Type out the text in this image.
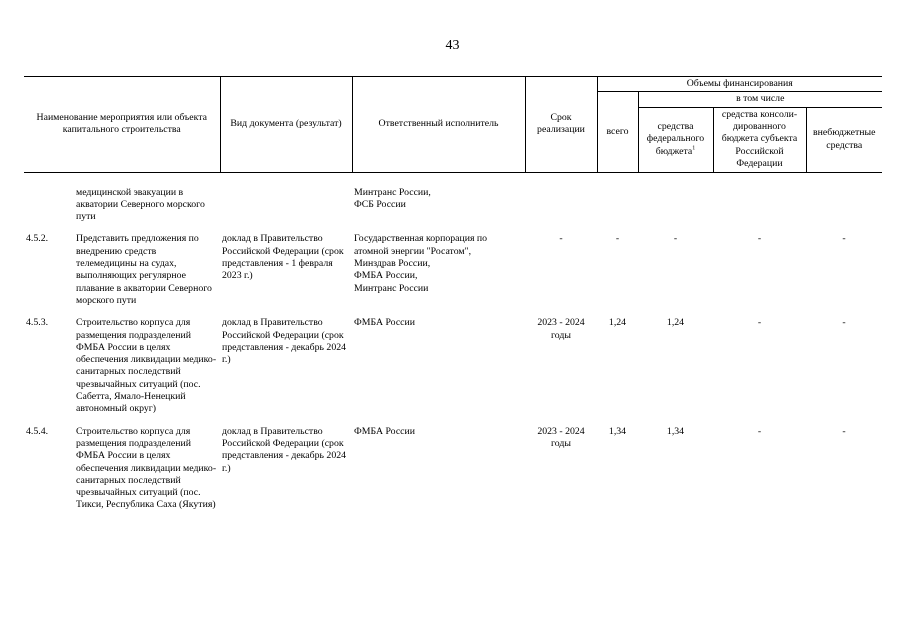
43
Наименование мероприятия или объекта капитального строительства		Вид документа (результат)	Ответственный исполнитель	Срок реализации	Объемы финансирования			
					всего	в том числе		
						средства федерального бюджета$^1$	средства консоли-дированного бюджета субъекта Российской Федерации	внебюджетные средства

	медицинской эвакуации в акватории Северного морского пути		Минтранс России,
ФСБ России					
4.5.2.	Представить предложения по внедрению средств телемедицины на судах, выполняющих регулярное плавание в акватории Северного морского пути	доклад в Правительство Российской Федерации (срок представления - 1 февраля 2023 г.)	Государственная корпорация по атомной энергии "Росатом",
Минздрав России,
ФМБА России,
Минтранс России	-	-	-	-	-
4.5.3.	Строительство корпуса для размещения подразделений ФМБА России в целях обеспечения ликвидации медико-санитарных последствий чрезвычайных ситуаций (пос. Сабетта, Ямало-Ненецкий автономный округ)	доклад в Правительство Российской Федерации (срок представления - декабрь 2024 г.)	ФМБА России	2023 - 2024 годы	1,24	1,24	-	-
4.5.4.	Строительство корпуса для размещения подразделений ФМБА России в целях обеспечения ликвидации медико-санитарных последствий чрезвычайных ситуаций (пос. Тикси, Республика Саха (Якутия)	доклад в Правительство Российской Федерации (срок представления - декабрь 2024 г.)	ФМБА России	2023 - 2024 годы	1,34	1,34	-	-
